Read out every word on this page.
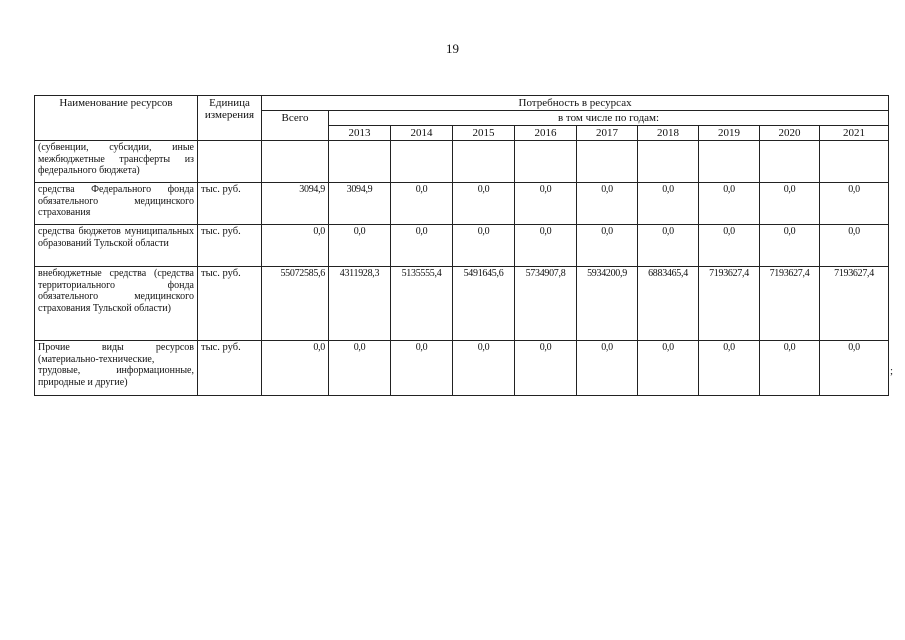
19
Наименование ресурсов	Единица измерения	Потребность в ресурсах									
		Всего	в том числе по годам:								
			2013	2014	2015	2016	2017	2018	2019	2020	2021
(субвенции, субсидии, иные межбюджетные трансферты из федерального бюджета)											
средства Федерального фонда обязательного медицинского страхования	тыс. руб.	3094,9	3094,9	0,0	0,0	0,0	0,0	0,0	0,0	0,0	0,0
средства бюджетов муниципальных образований Тульской области	тыс. руб.	0,0	0,0	0,0	0,0	0,0	0,0	0,0	0,0	0,0	0,0
внебюджетные средства (средства территориального фонда обязательного медицинского страхования Тульской области)	тыс. руб.	55072585,6	4311928,3	5135555,4	5491645,6	5734907,8	5934200,9	6883465,4	7193627,4	7193627,4	7193627,4
Прочие виды ресурсов (материально-технические, трудовые, информационные, природные и другие)	тыс. руб.	0,0	0,0	0,0	0,0	0,0	0,0	0,0	0,0	0,0	0,0
;
